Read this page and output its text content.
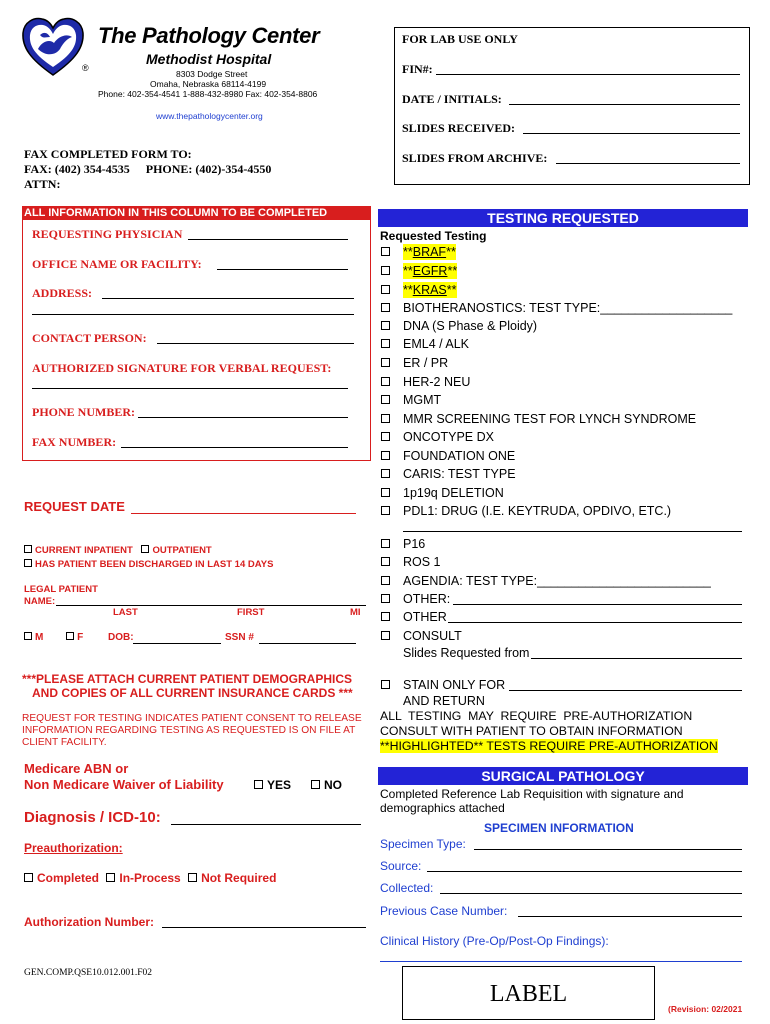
®
The Pathology Center
Methodist Hospital
8303 Dodge Street
Omaha, Nebraska 68114-4199
Phone: 402-354-4541 1-888-432-8980 Fax: 402-354-8806
www.thepathologycenter.org
FAX COMPLETED FORM TO:
FAX: (402) 354-4535 PHONE: (402)-354-4550
ATTN:
FOR LAB USE ONLY
FIN#:
DATE / INITIALS:
SLIDES RECEIVED:
SLIDES FROM ARCHIVE:
ALL INFORMATION IN THIS COLUMN TO BE COMPLETED
REQUESTING PHYSICIAN
OFFICE NAME OR FACILITY:
ADDRESS:
CONTACT PERSON:
AUTHORIZED SIGNATURE FOR VERBAL REQUEST:
PHONE NUMBER:
FAX NUMBER:
REQUEST DATE
CURRENT INPATIENT OUTPATIENT
HAS PATIENT BEEN DISCHARGED IN LAST 14 DAYS
LEGAL PATIENT
NAME:
LAST	FIRST	MI
M	F DOB:	SSN #
***PLEASE ATTACH CURRENT PATIENT DEMOGRAPHICS
AND COPIES OF ALL CURRENT INSURANCE CARDS ***
REQUEST FOR TESTING INDICATES PATIENT CONSENT TO RELEASE
INFORMATION REGARDING TESTING AS REQUESTED IS ON FILE AT
CLIENT FACILITY.
Medicare ABN or
Non Medicare Waiver of Liability	YES	NO
Diagnosis / ICD-10:
Preauthorization:
Completed In-Process Not Required
Authorization Number:
GEN.COMP.QSE10.012.001.F02
TESTING REQUESTED
Requested Testing
**BRAF**
**EGFR**
**KRAS**
BIOTHERANOSTICS: TEST TYPE:___________________
DNA (S Phase & Ploidy)
EML4 / ALK
ER / PR
HER-2 NEU
MGMT
MMR SCREENING TEST FOR LYNCH SYNDROME
ONCOTYPE DX
FOUNDATION ONE
CARIS: TEST TYPE
1p19q DELETION
PDL1: DRUG (I.E. KEYTRUDA, OPDIVO, ETC.)
P16
ROS 1
AGENDIA: TEST TYPE:_________________________
OTHER:
OTHER
CONSULT
Slides Requested from
STAIN ONLY FOR
AND RETURN
ALL  TESTING  MAY  REQUIRE  PRE-AUTHORIZATION
CONSULT WITH PATIENT TO OBTAIN INFORMATION
**HIGHLIGHTED** TESTS REQUIRE PRE-AUTHORIZATION
SURGICAL PATHOLOGY
Completed Reference Lab Requisition with signature and
demographics attached
SPECIMEN INFORMATION
Specimen Type:
Source:
Collected:
Previous Case Number:
Clinical History (Pre-Op/Post-Op Findings):
LABEL
(Revision: 02/2021
